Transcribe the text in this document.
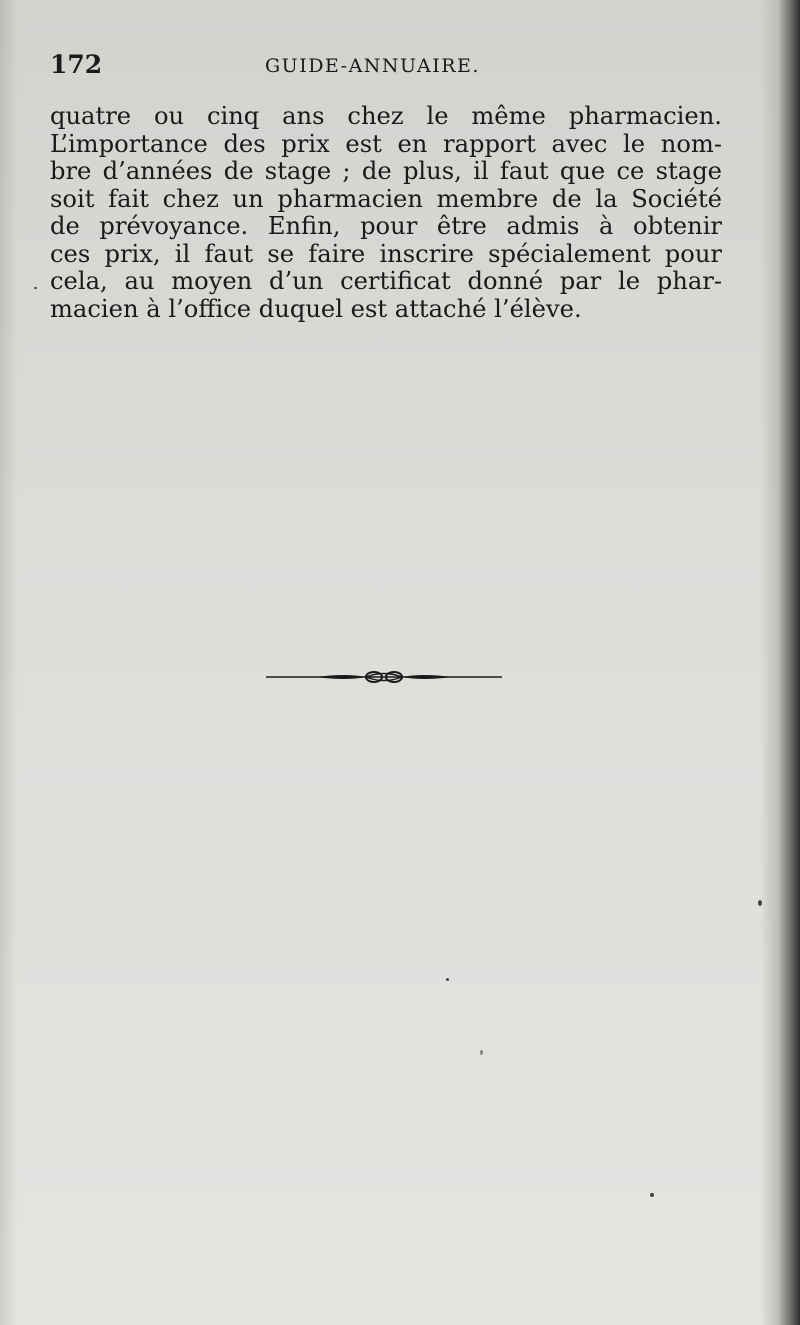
172	GUIDE-ANNUAIRE.
quatre ou cinq ans chez le même pharmacien.
L’importance des prix est en rapport avec le nom-
bre d’années de stage ; de plus, il faut que ce stage
soit fait chez un pharmacien membre de la Société
de prévoyance. Enfin, pour être admis à obtenir
ces prix, il faut se faire inscrire spécialement pour
cela, au moyen d’un certificat donné par le phar-
macien à l’office duquel est attaché l’élève.
